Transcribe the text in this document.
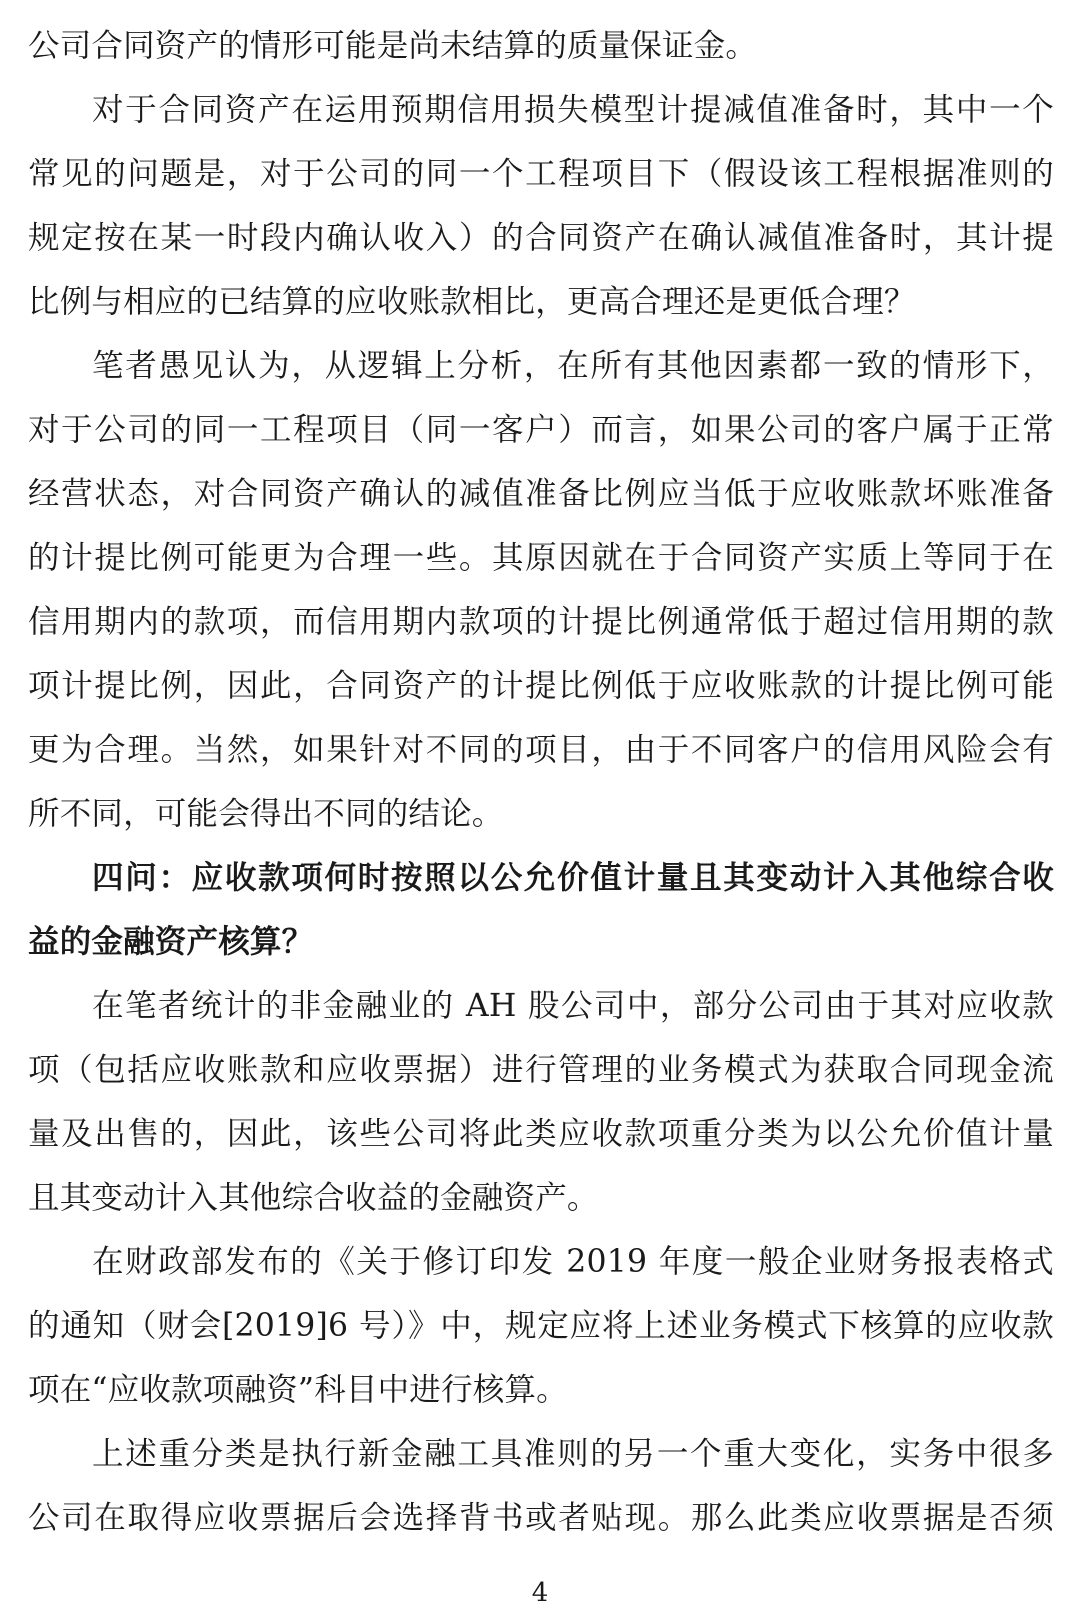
公司合同资产的情形可能是尚未结算的质量保证金。
对于合同资产在运用预期信用损失模型计提减值准备时，其中一个
常见的问题是，对于公司的同一个工程项目下（假设该工程根据准则的
规定按在某一时段内确认收入）的合同资产在确认减值准备时，其计提
比例与相应的已结算的应收账款相比，更高合理还是更低合理？
笔者愚见认为，从逻辑上分析，在所有其他因素都一致的情形下，
对于公司的同一工程项目（同一客户）而言，如果公司的客户属于正常
经营状态，对合同资产确认的减值准备比例应当低于应收账款坏账准备
的计提比例可能更为合理一些。其原因就在于合同资产实质上等同于在
信用期内的款项，而信用期内款项的计提比例通常低于超过信用期的款
项计提比例，因此，合同资产的计提比例低于应收账款的计提比例可能
更为合理。当然，如果针对不同的项目，由于不同客户的信用风险会有
所不同，可能会得出不同的结论。
四问：应收款项何时按照以公允价值计量且其变动计入其他综合收
益的金融资产核算？
在笔者统计的非金融业的 AH 股公司中，部分公司由于其对应收款
项（包括应收账款和应收票据）进行管理的业务模式为获取合同现金流
量及出售的，因此，该些公司将此类应收款项重分类为以公允价值计量
且其变动计入其他综合收益的金融资产。
在财政部发布的《关于修订印发 2019 年度一般企业财务报表格式
的通知（财会[2019]6 号）》中，规定应将上述业务模式下核算的应收款
项在“应收款项融资”科目中进行核算。
上述重分类是执行新金融工具准则的另一个重大变化，实务中很多
公司在取得应收票据后会选择背书或者贴现。那么此类应收票据是否须
4
